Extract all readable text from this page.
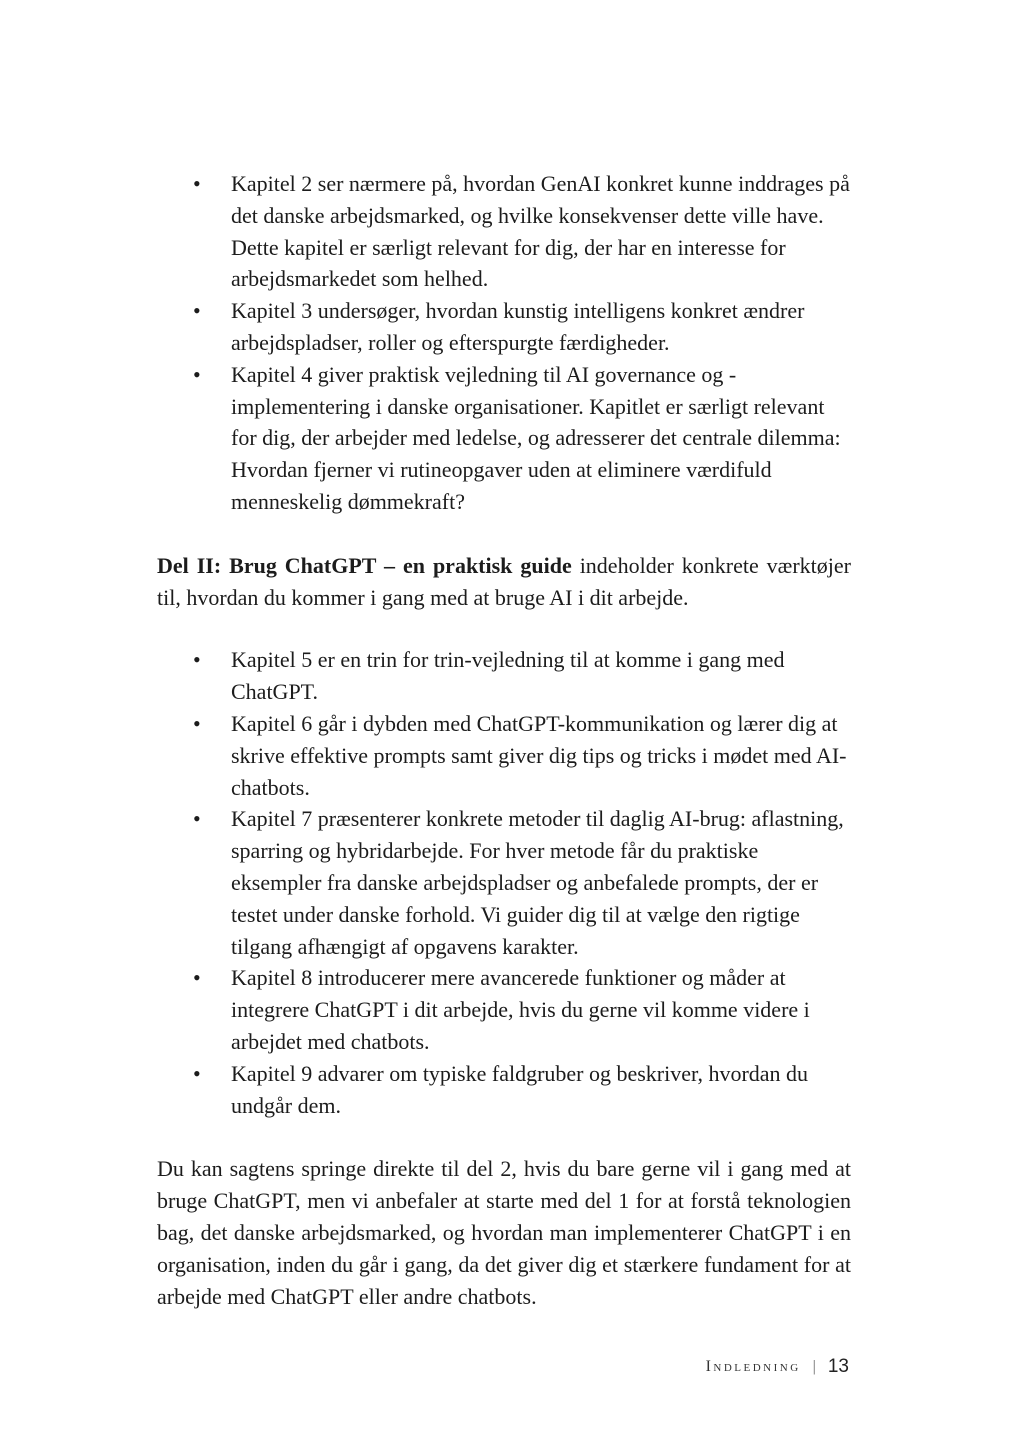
• Kapitel 2 ser nærmere på, hvordan GenAI konkret kunne inddrages på det danske arbejdsmarked, og hvilke konsekvenser dette ville have. Dette kapitel er særligt relevant for dig, der har en interesse for arbejdsmarkedet som helhed.
• Kapitel 3 undersøger, hvordan kunstig intelligens konkret ændrer arbejdspladser, roller og efterspurgte færdigheder.
• Kapitel 4 giver praktisk vejledning til AI governance og -implementering i danske organisationer. Kapitlet er særligt relevant for dig, der arbejder med ledelse, og adresserer det centrale dilemma: Hvordan fjerner vi rutineopgaver uden at eliminere værdifuld menneskelig dømmekraft?

Del II: Brug ChatGPT – en praktisk guide indeholder konkrete værktøjer til, hvordan du kommer i gang med at bruge AI i dit arbejde.

• Kapitel 5 er en trin for trin-vejledning til at komme i gang med ChatGPT.
• Kapitel 6 går i dybden med ChatGPT-kommunikation og lærer dig at skrive effektive prompts samt giver dig tips og tricks i mødet med AI-chatbots.
• Kapitel 7 præsenterer konkrete metoder til daglig AI-brug: aflastning, sparring og hybridarbejde. For hver metode får du praktiske eksempler fra danske arbejdspladser og anbefalede prompts, der er testet under danske forhold. Vi guider dig til at vælge den rigtige tilgang afhængigt af opgavens karakter.
• Kapitel 8 introducerer mere avancerede funktioner og måder at integrere ChatGPT i dit arbejde, hvis du gerne vil komme videre i arbejdet med chatbots.
• Kapitel 9 advarer om typiske faldgruber og beskriver, hvordan du undgår dem.

Du kan sagtens springe direkte til del 2, hvis du bare gerne vil i gang med at bruge ChatGPT, men vi anbefaler at starte med del 1 for at forstå teknologien bag, det danske arbejdsmarked, og hvordan man implementerer ChatGPT i en organisation, inden du går i gang, da det giver dig et stærkere fundament for at arbejde med ChatGPT eller andre chatbots.

Indledning | 13
